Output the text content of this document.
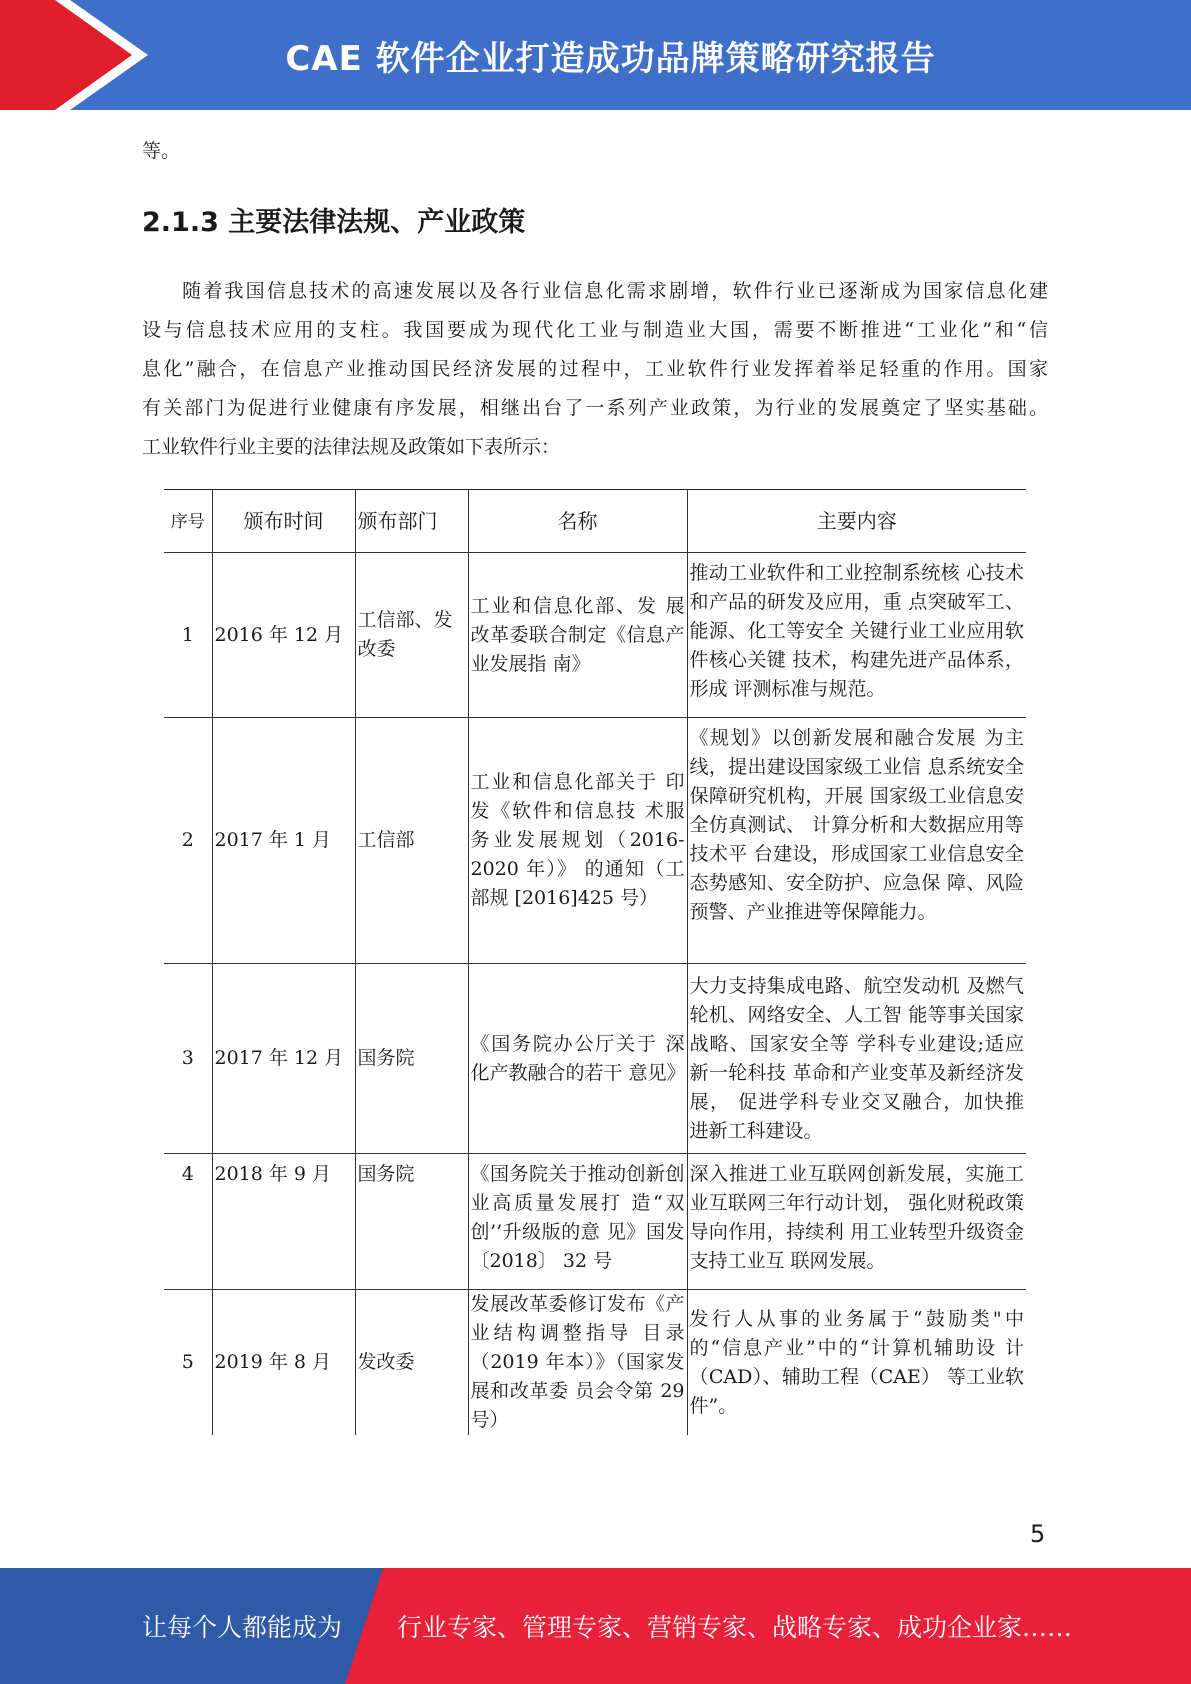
CAE 软件企业打造成功品牌策略研究报告
等。
2.1.3 主要法律法规、产业政策

随着我国信息技术的高速发展以及各行业信息化需求剧增，软件行业已逐渐成为国家信息化建
设与信息技术应用的支柱。我国要成为现代化工业与制造业大国，需要不断推进“工业化”和“信
息化”融合，在信息产业推动国民经济发展的过程中，工业软件行业发挥着举足轻重的作用。国家
有关部门为促进行业健康有序发展，相继出台了一系列产业政策，为行业的发展奠定了坚实基础。
工业软件行业主要的法律法规及政策如下表所示：

序号	颁布时间	颁布部门	名称	主要内容
1	2016 年 12 月	工信部、发改委	工业和信息化部、发 展改革委联合制定《信息产业发展指 南》	推动工业软件和工业控制系统核 心技术和产品的研发及应用，重 点突破军工、能源、化工等安全 关键行业工业应用软件核心关键 技术，构建先进产品体系，形成 评测标准与规范。
2	2017 年 1 月	工信部	工业和信息化部关于 印发《软件和信息技 术服务业发展规划（2016-2020 年）》 的通知（工部规 [2016]425 号）	《规划》以创新发展和融合发展 为主线，提出建设国家级工业信 息系统安全保障研究机构，开展 国家级工业信息安全仿真测试、 计算分析和大数据应用等技术平 台建设，形成国家工业信息安全 态势感知、安全防护、应急保 障、风险预警、产业推进等保障能力。
3	2017 年 12 月	国务院	《国务院办公厅关于 深化产教融合的若干 意见》	大力支持集成电路、航空发动机 及燃气轮机、网络安全、人工智 能等事关国家战略、国家安全等 学科专业建设;适应新一轮科技 革命和产业变革及新经济发展， 促进学科专业交叉融合，加快推 进新工科建设。
4	2018 年 9 月	国务院	《国务院关于推动创新创业高质量发展打 造“双创’’升级版的意 见》国发〔2018〕 32 号	深入推进工业互联网创新发展，实施工业互联网三年行动计划， 强化财税政策导向作用，持续利 用工业转型升级资金支持工业互 联网发展。
5	2019 年 8 月	发改委	发展改革委修订发布《产业结构调整指导 目录（2019 年本）》（国家发展和改革委 员会令第 29 号）	发行人从事的业务属于“鼓励类"中 的“信息产业”中的“计算机辅助设 计（CAD）、辅助工程（CAE） 等工业软件”。
5
让每个人都能成为 行业专家、管理专家、营销专家、战略专家、成功企业家……
